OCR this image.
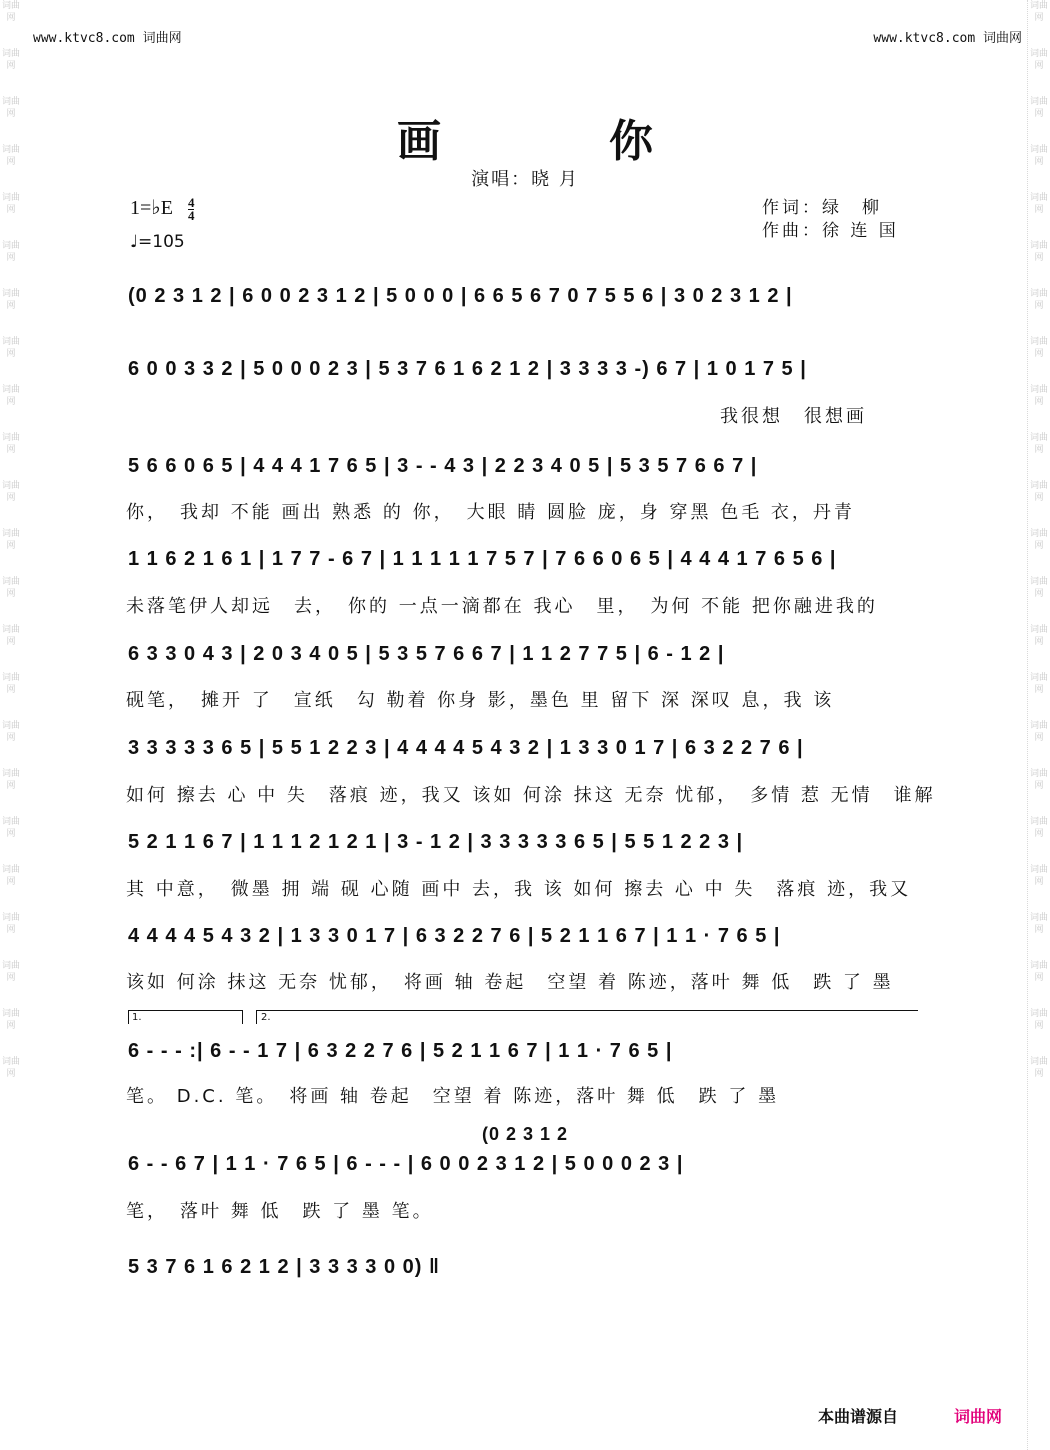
词曲网
词曲网
词曲网
词曲网
词曲网
词曲网
词曲网
词曲网
词曲网
词曲网
词曲网
词曲网
词曲网
词曲网
词曲网
词曲网
词曲网
词曲网
词曲网
词曲网
词曲网
词曲网
词曲网
词曲网
词曲网
词曲网
词曲网
词曲网
词曲网
词曲网
词曲网
词曲网
词曲网
词曲网
词曲网
词曲网
词曲网
词曲网
词曲网
词曲网
词曲网
词曲网
词曲网
词曲网
词曲网
词曲网
www.ktvc8.com 词曲网	www.ktvc8.com 词曲网
画　你
演唱：晓 月
1=♭E $\frac{4}{4}$
♩=105
作词：绿　柳
作曲：徐 连 国
(0 2 3 1 2 | 6 0 0 2 3 1 2 | 5 0 0 0 | 6 6 5 6 7 0 7 5 5 6 | 3 0 2 3 1 2 |
6 0 0 3 3 2 | 5 0 0 0 2 3 | 5 3 7 6 1 6 2 1 2 | 3 3 3 3 -) 6 7 | 1 0 1 7 5 |
我很想　很想画
5 6 6 0 6 5 | 4 4 4 1 7 6 5 | 3 - - 4 3 | 2 2 3 4 0 5 | 5 3 5 7 6 6 7 |
你，　我却 不能 画出 熟悉 的 你，　大眼 睛 圆脸 庞，身 穿黑 色毛 衣，丹青
1 1 6 2 1 6 1 | 1 7 7 - 6 7 | 1 1 1 1 1 7 5 7 | 7 6 6 0 6 5 | 4 4 4 1 7 6 5 6 |
未落笔伊人却远　去，　你的 一点一滴都在 我心　里，　为何 不能 把你融进我的
6 3 3 0 4 3 | 2 0 3 4 0 5 | 5 3 5 7 6 6 7 | 1 1 2 7 7 5 | 6 - 1 2 |
砚笔，　摊开 了　宣纸　勾 勒着 你身 影，墨色 里 留下 深 深叹 息，我 该
3 3 3 3 3 6 5 | 5 5 1 2 2 3 | 4 4 4 4 5 4 3 2 | 1 3 3 0 1 7 | 6 3 2 2 7 6 |
如何 擦去 心 中 失　落痕 迹，我又 该如 何涂 抹这 无奈 忧郁，　多情 惹 无情　谁解
5 2 1 1 6 7 | 1 1 1 2 1 2 1 | 3 - 1 2 | 3 3 3 3 3 6 5 | 5 5 1 2 2 3 |
其 中意，　微墨 拥 端 砚 心随 画中 去，我 该 如何 擦去 心 中 失　落痕 迹，我又
4 4 4 4 5 4 3 2 | 1 3 3 0 1 7 | 6 3 2 2 7 6 | 5 2 1 1 6 7 | 1 1 · 7 6 5 |
该如 何涂 抹这 无奈 忧郁，　将画 轴 卷起　空望 着 陈迹，落叶 舞 低　跌 了 墨
1.	2.
6 - - - :| 6 - - 1 7 | 6 3 2 2 7 6 | 5 2 1 1 6 7 | 1 1 · 7 6 5 |
笔。 D.C. 笔。　将画 轴 卷起　空望 着 陈迹，落叶 舞 低　跌 了 墨
(0 2 3 1 2
6 - - 6 7 | 1 1 · 7 6 5 | 6 - - - | 6 0 0 2 3 1 2 | 5 0 0 0 2 3 |
笔，　落叶 舞 低　跌 了 墨 笔。
5 3 7 6 1 6 2 1 2 | 3 3 3 3 0 0) ‖
本曲谱源自	词曲网
